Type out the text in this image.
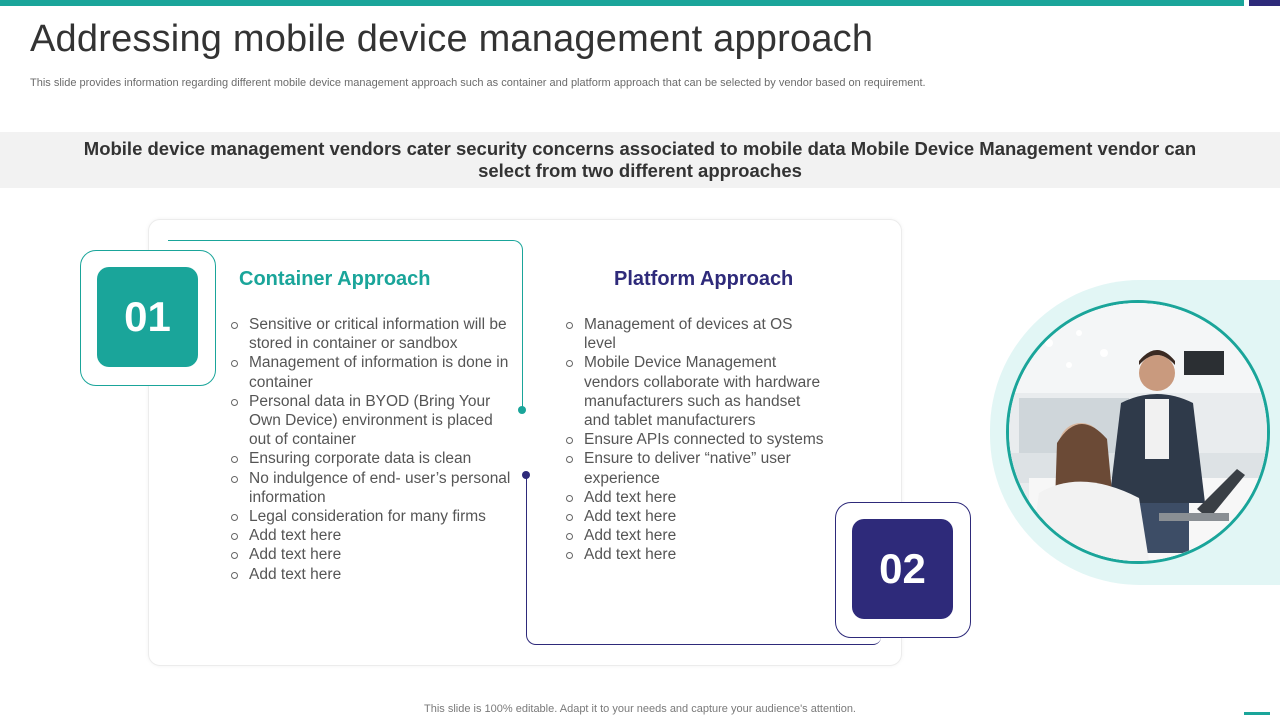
Addressing mobile device management approach

This slide provides information regarding different mobile device management approach such as container and platform approach that can be selected by vendor based on requirement.

Mobile device management vendors cater security concerns associated to mobile data Mobile Device Management vendor can select from two different approaches

01
Container Approach
Sensitive or critical information will be stored in container or sandbox
Management of information is done in container
Personal data in BYOD (Bring Your Own Device) environment is placed out of container
Ensuring corporate data is clean
No indulgence of end- user’s personal information
Legal consideration for many firms
Add text here
Add text here
Add text here
Platform Approach
Management of devices at OS level
Mobile Device Management vendors collaborate with hardware manufacturers such as handset and tablet manufacturers
Ensure APIs connected to systems
Ensure to deliver “native” user experience
Add text here
Add text here
Add text here
Add text here	02

This slide is 100% editable. Adapt it to your needs and capture your audience's attention.
